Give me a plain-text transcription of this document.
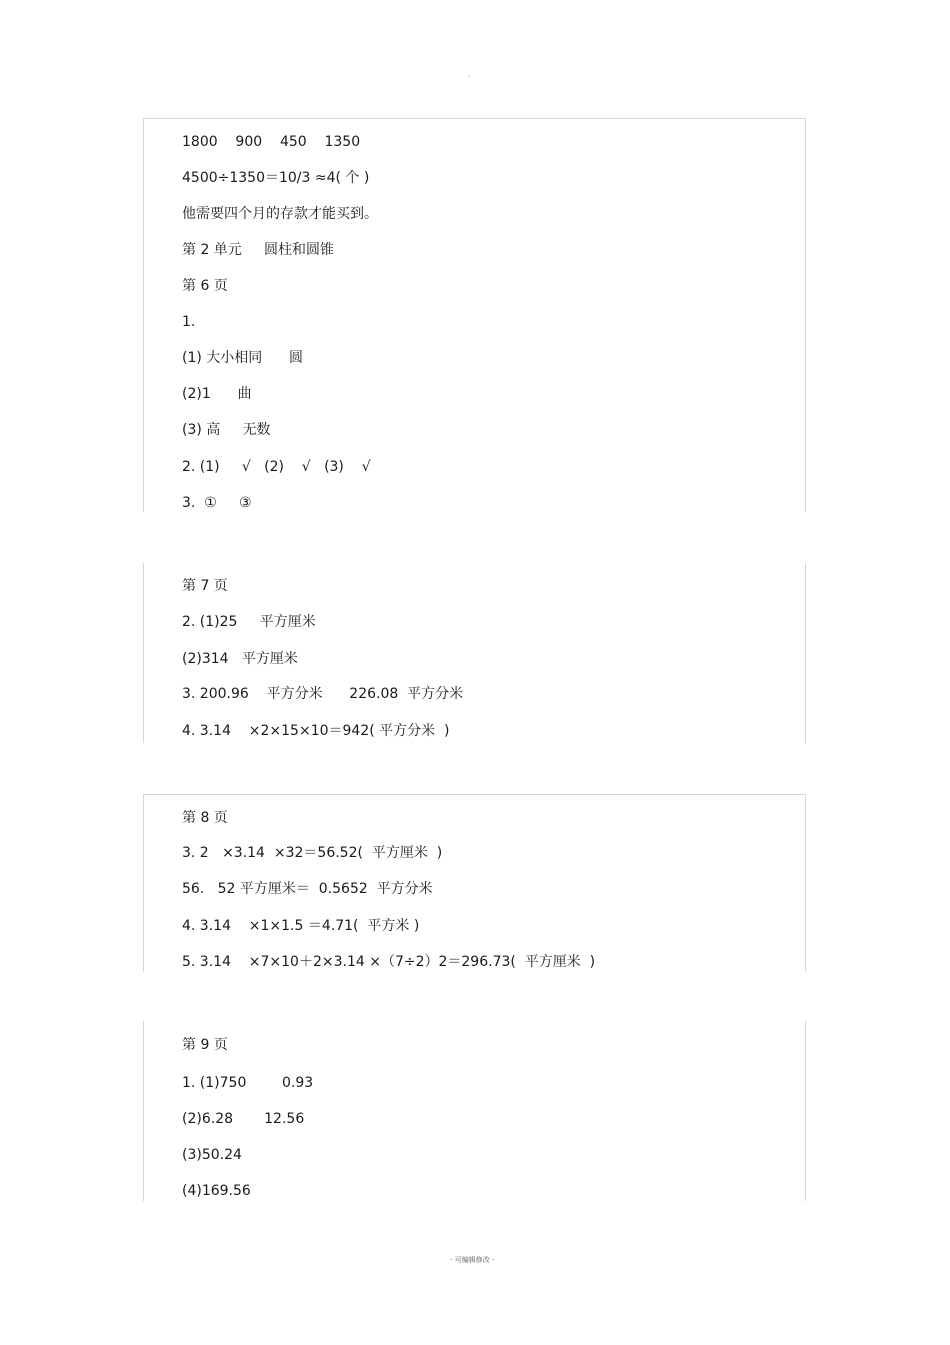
。
1800    900    450    1350
4500÷1350＝10/3 ≈4( 个 )
他需要四个月的存款才能买到。
第 2 单元     圆柱和圆锥
第 6 页
1.
(1) 大小相同      圆
(2)1      曲
(3) 高     无数
2. (1)     √   (2)    √   (3)    √
3.  ①     ③
第 7 页
2. (1)25     平方厘米
(2)314   平方厘米
3. 200.96    平方分米      226.08  平方分米
4. 3.14    ×2×15×10＝942( 平方分米  )
第 8 页
3. 2   ×3.14  ×32＝56.52(  平方厘米  )
56.   52 平方厘米＝  0.5652  平方分米
4. 3.14    ×1×1.5 ＝4.71(  平方米 )
5. 3.14    ×7×10＋2×3.14 ×（7÷2）2＝296.73(  平方厘米  )
第 9 页
1. (1)750        0.93
(2)6.28       12.56
(3)50.24
(4)169.56
- 可编辑修改 -
